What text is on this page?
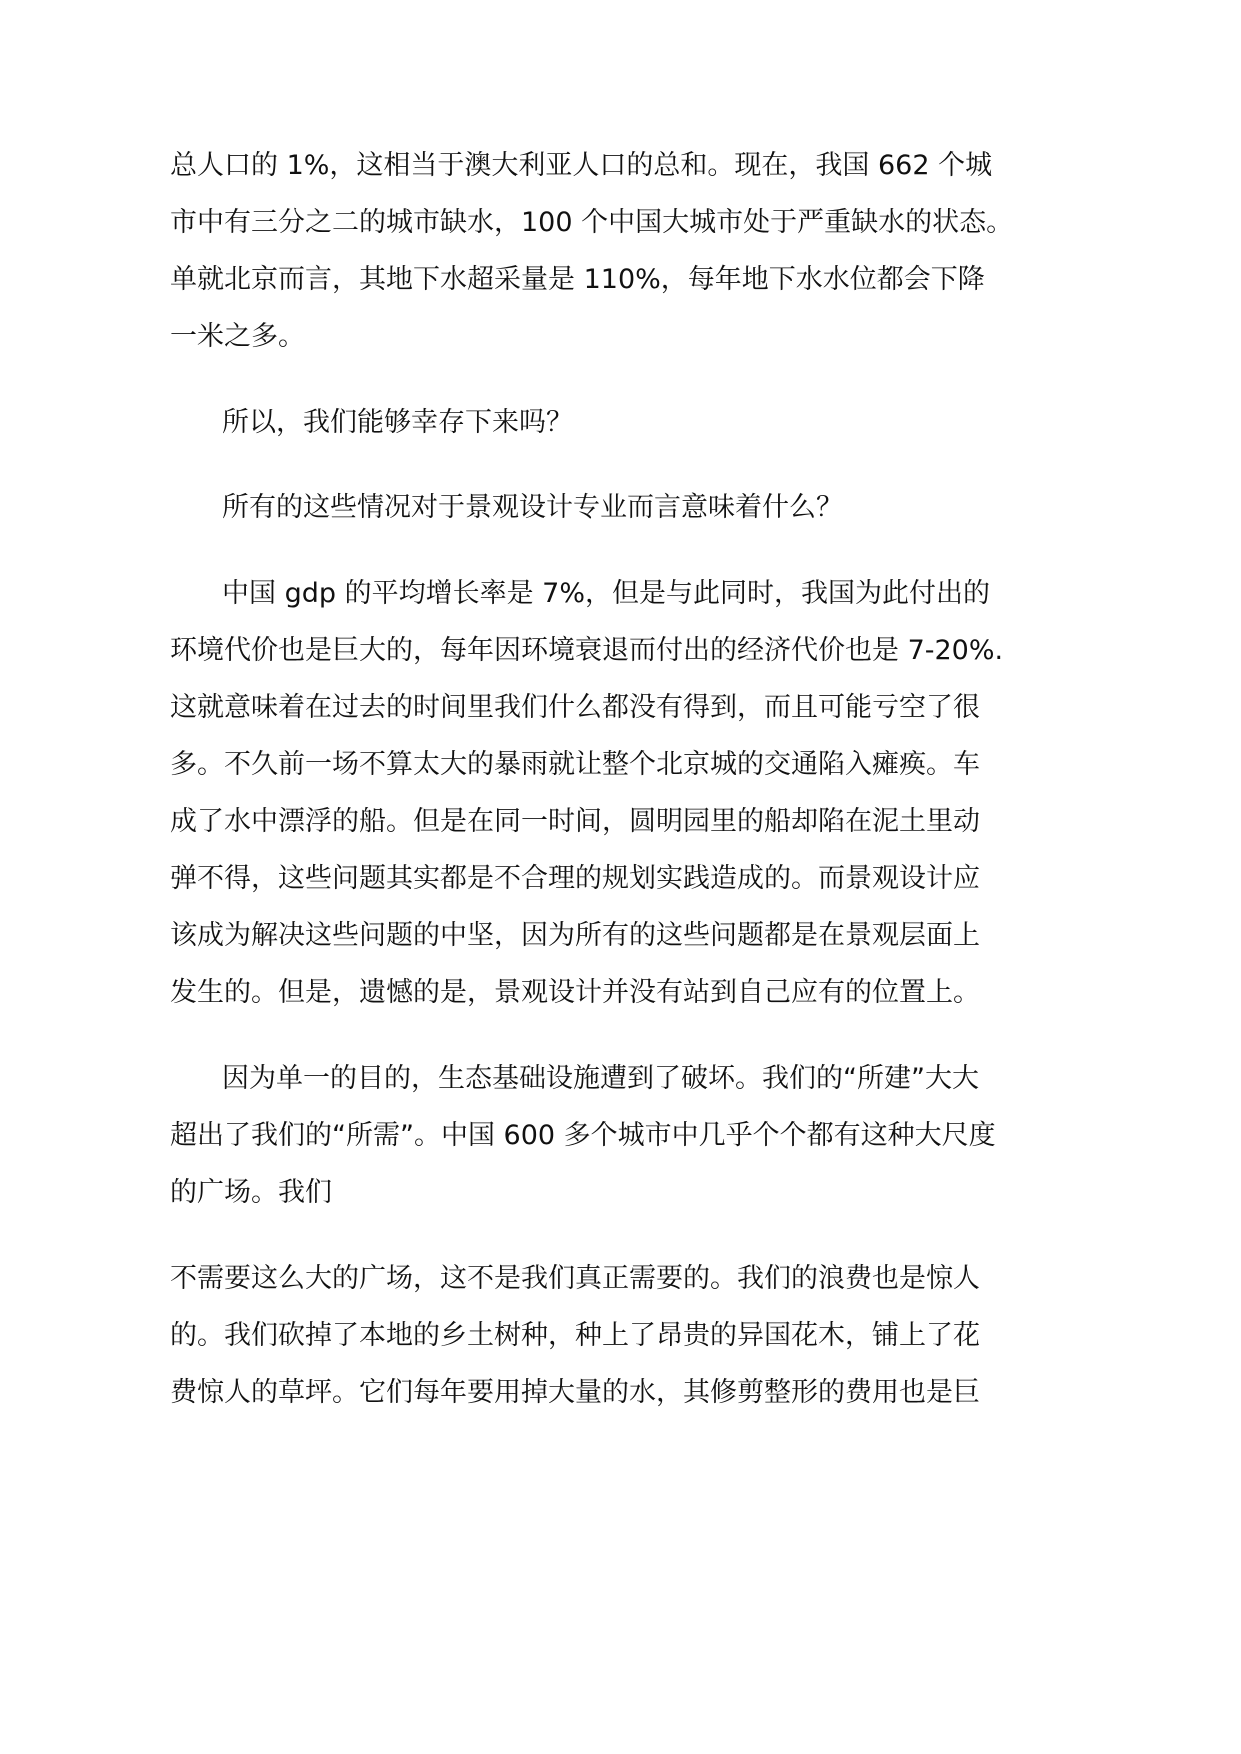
总人口的 1%，这相当于澳大利亚人口的总和。现在，我国 662 个城
市中有三分之二的城市缺水，100 个中国大城市处于严重缺水的状态。
单就北京而言，其地下水超采量是 110%，每年地下水水位都会下降
一米之多。
所以，我们能够幸存下来吗？
所有的这些情况对于景观设计专业而言意味着什么？
中国 gdp 的平均增长率是 7%，但是与此同时，我国为此付出的
环境代价也是巨大的，每年因环境衰退而付出的经济代价也是 7-20%.
这就意味着在过去的时间里我们什么都没有得到，而且可能亏空了很
多。不久前一场不算太大的暴雨就让整个北京城的交通陷入瘫痪。车
成了水中漂浮的船。但是在同一时间，圆明园里的船却陷在泥土里动
弹不得，这些问题其实都是不合理的规划实践造成的。而景观设计应
该成为解决这些问题的中坚，因为所有的这些问题都是在景观层面上
发生的。但是，遗憾的是，景观设计并没有站到自己应有的位置上。
因为单一的目的，生态基础设施遭到了破坏。我们的“所建”大大
超出了我们的“所需”。中国 600 多个城市中几乎个个都有这种大尺度
的广场。我们
不需要这么大的广场，这不是我们真正需要的。我们的浪费也是惊人
的。我们砍掉了本地的乡土树种，种上了昂贵的异国花木，铺上了花
费惊人的草坪。它们每年要用掉大量的水，其修剪整形的费用也是巨
